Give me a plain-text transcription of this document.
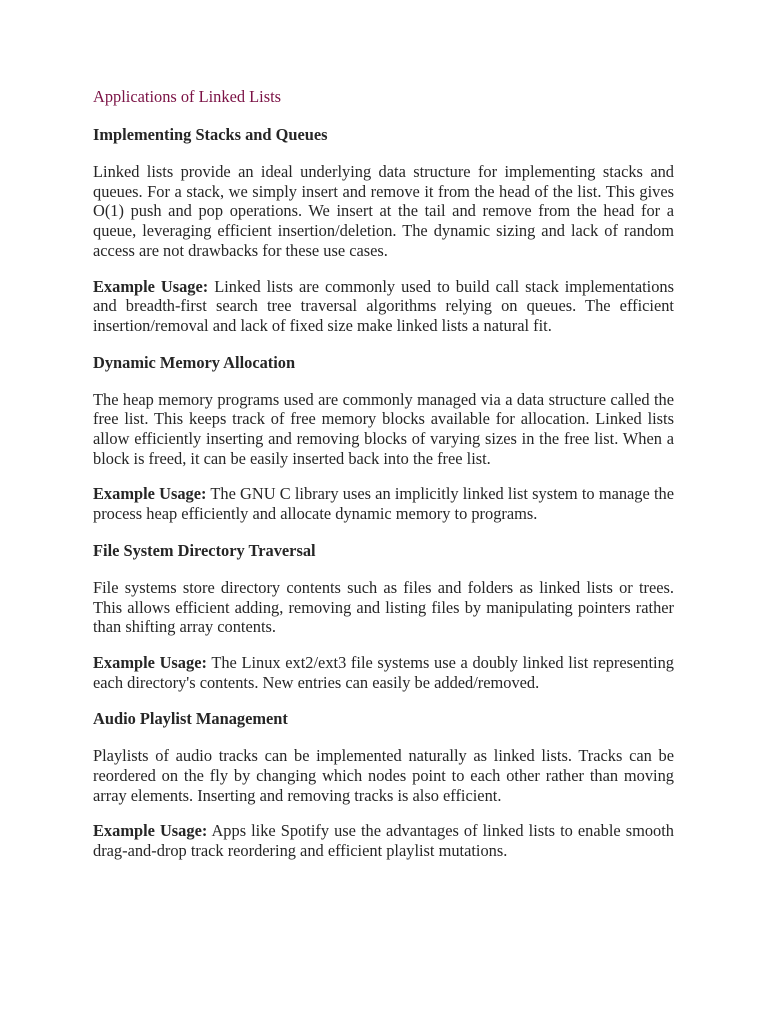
Applications of Linked Lists
Implementing Stacks and Queues

Linked lists provide an ideal underlying data structure for implementing stacks and queues. For a stack, we simply insert and remove it from the head of the list. This gives O(1) push and pop operations. We insert at the tail and remove from the head for a queue, leveraging efficient insertion/deletion. The dynamic sizing and lack of random access are not drawbacks for these use cases.

Example Usage: Linked lists are commonly used to build call stack implementations and breadth-first search tree traversal algorithms relying on queues. The efficient insertion/removal and lack of fixed size make linked lists a natural fit.

Dynamic Memory Allocation

The heap memory programs used are commonly managed via a data structure called the free list. This keeps track of free memory blocks available for allocation. Linked lists allow efficiently inserting and removing blocks of varying sizes in the free list. When a block is freed, it can be easily inserted back into the free list.

Example Usage: The GNU C library uses an implicitly linked list system to manage the process heap efficiently and allocate dynamic memory to programs.

File System Directory Traversal

File systems store directory contents such as files and folders as linked lists or trees. This allows efficient adding, removing and listing files by manipulating pointers rather than shifting array contents.

Example Usage: The Linux ext2/ext3 file systems use a doubly linked list representing each directory's contents. New entries can easily be added/removed.

Audio Playlist Management

Playlists of audio tracks can be implemented naturally as linked lists. Tracks can be reordered on the fly by changing which nodes point to each other rather than moving array elements. Inserting and removing tracks is also efficient.

Example Usage: Apps like Spotify use the advantages of linked lists to enable smooth drag-and-drop track reordering and efficient playlist mutations.
